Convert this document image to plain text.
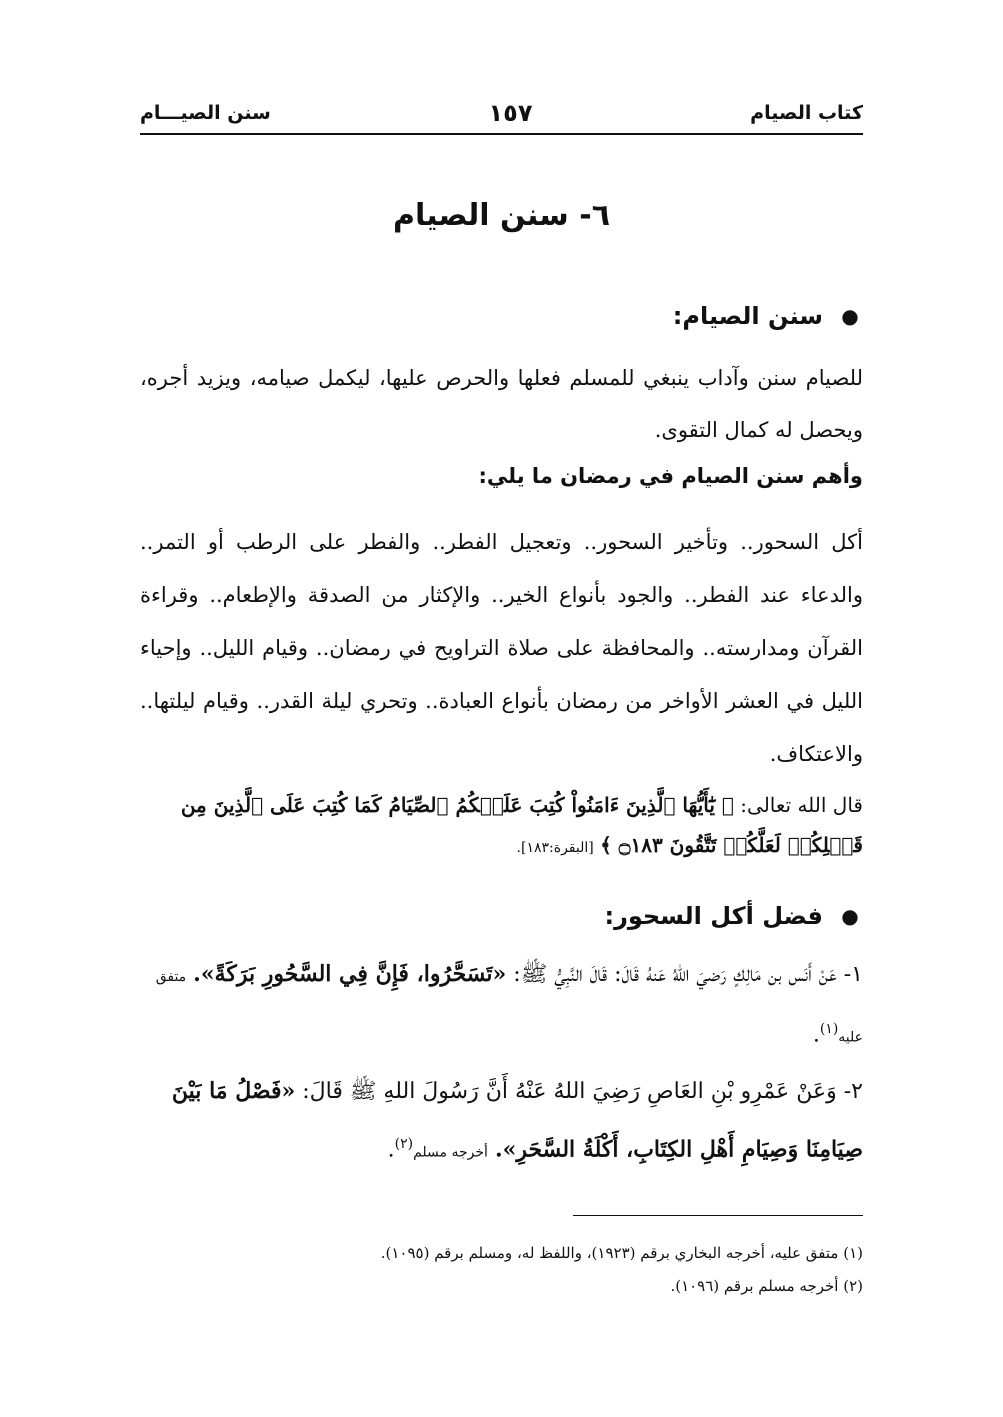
كتاب الصيام
١٥٧
سنن الصيـــام
٦- سنن الصيام
●
سنن الصيام:
للصيام سنن وآداب ينبغي للمسلم فعلها والحرص عليها، ليكمل صيامه، ويزيد أجره، ويحصل له كمال التقوى.
وأهم سنن الصيام في رمضان ما يلي:
أكل السحور.. وتأخير السحور.. وتعجيل الفطر.. والفطر على الرطب أو التمر.. والدعاء عند الفطر.. والجود بأنواع الخير.. والإكثار من الصدقة والإطعام.. وقراءة القرآن ومدارسته.. والمحافظة على صلاة التراويح في رمضان.. وقيام الليل.. وإحياء الليل في العشر الأواخر من رمضان بأنواع العبادة.. وتحري ليلة القدر.. وقيام ليلتها.. والاعتكاف.
قال الله تعالى: ﴿ يَٰٓأَيُّهَا ٱلَّذِينَ ءَامَنُواْ كُتِبَ عَلَيۡكُمُ ٱلصِّيَامُ كَمَا كُتِبَ عَلَى ٱلَّذِينَ مِن قَبۡلِكُمۡ لَعَلَّكُمۡ تَتَّقُونَ ۝١٨٣ ﴾ [البقرة:١٨٣].
●
فضل أكل السحور:
١- عَنْ أَنَس بن مَالِكٍ رَضيَ اللهُ عَنهُ قَالَ: قَالَ النَّبِيُّ ﷺ: «تَسَحَّرُوا، فَإِنَّ فِي السَّحُورِ بَرَكَةً». متفق عليه$^{(١)}$.
٢- وَعَنْ عَمْرِو بْنِ العَاصِ رَضِيَ اللهُ عَنْهُ أَنَّ رَسُولَ اللهِ ﷺ قَالَ: «فَصْلُ مَا بَيْنَ صِيَامِنَا وَصِيَامِ أَهْلِ الكِتَابِ، أَكْلَةُ السَّحَرِ». أخرجه مسلم$^{(٢)}$.
(١) متفق عليه، أخرجه البخاري برقم (١٩٢٣)، واللفظ له، ومسلم برقم (١٠٩٥).
(٢) أخرجه مسلم برقم (١٠٩٦).
